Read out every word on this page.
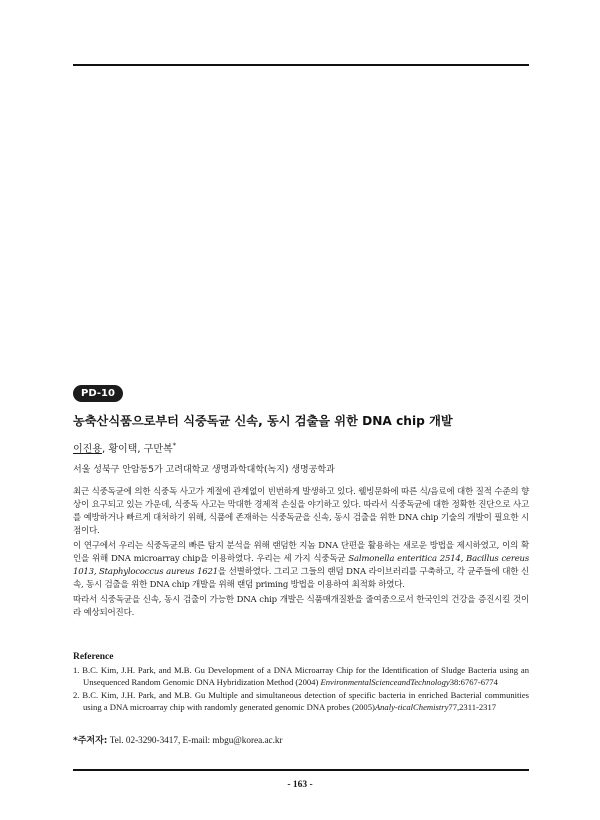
PD-10
농축산식품으로부터 식중독균 신속, 동시 검출을 위한 DNA chip 개발
이진용, 황이택, 구만복*
서울 성북구 안암동5가 고려대학교 생명과학대학(녹지) 생명공학과

최근 식중독균에 의한 식중독 사고가 계절에 관계없이 빈번하게 발생하고 있다. 웰빙문화에 따른 식/음료에 대한 질적 수준의 향상이 요구되고 있는 가운데, 식중독 사고는 막대한 경제적 손실을 야기하고 있다. 따라서 식중독균에 대한 정확한 진단으로 사고를 예방하거나 빠르게 대처하기 위해, 식품에 존재하는 식중독균을 신속, 동시 검출을 위한 DNA chip 기술의 개발이 필요한 시점이다.

이 연구에서 우리는 식중독균의 빠른 탐지 분석을 위해 랜덤한 지놈 DNA 단편을 활용하는 새로운 방법을 제시하였고, 이의 확인을 위해 DNA microarray chip을 이용하였다. 우리는 세 가지 식중독균 Salmonella enteritica 2514, Bacillus cereus 1013, Staphylococcus aureus 1621을 선별하였다. 그리고 그들의 랜덤 DNA 라이브러리를 구축하고, 각 균주들에 대한 신속, 동시 검출을 위한 DNA chip 개발을 위해 랜덤 priming 방법을 이용하여 최적화 하였다.

따라서 식중독균을 신속, 동시 검출이 가능한 DNA chip 개발은 식품매개질환을 줄여줌으로서 한국인의 건강을 증진시킬 것이라 예상되어진다.

Reference
1. B.C. Kim, J.H. Park, and M.B. Gu Development of a DNA Microarray Chip for the Identification of Sludge Bacteria using an Unsequenced Random Genomic DNA Hybridization Method (2004) EnvironmentalScienceandTechnology38:6767-6774
2. B.C. Kim, J.H. Park, and M.B. Gu Multiple and simultaneous detection of specific bacteria in enriched Bacterial communities using a DNA microarray chip with randomly generated genomic DNA probes (2005)Analy-ticalChemistry77,2311-2317
*주저자: Tel. 02-3290-3417, E-mail: mbgu@korea.ac.kr
- 163 -
